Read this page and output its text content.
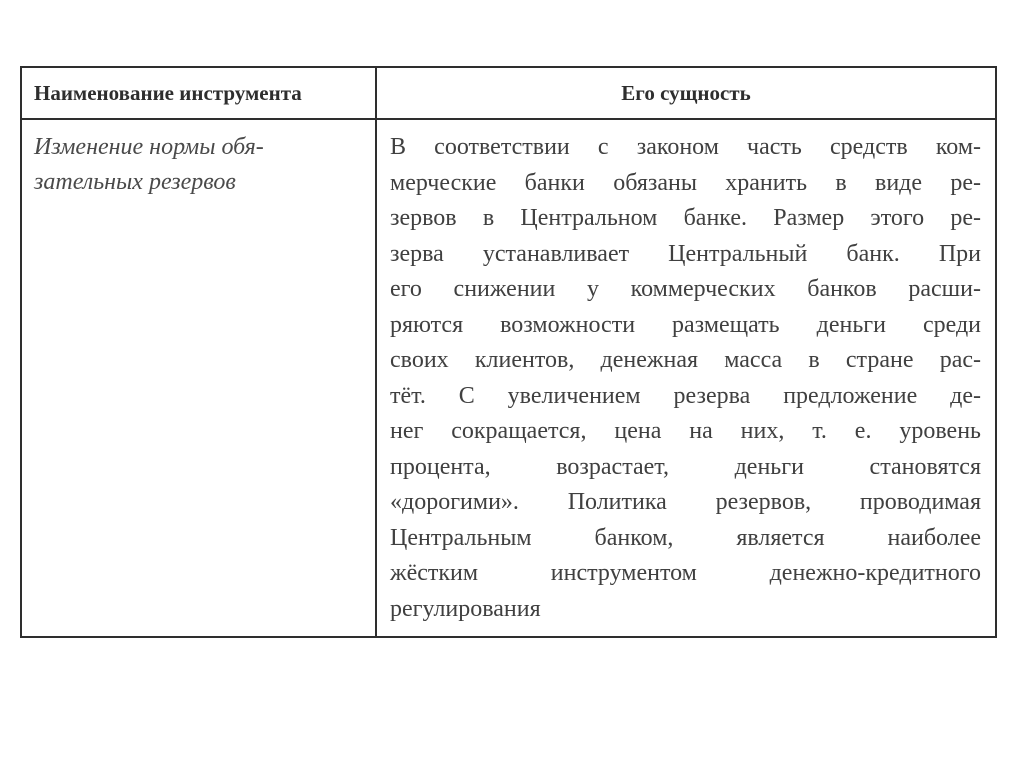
Наименование инструмента	Его сущность
Изменение нормы обя-
зательных резервов
В соответствии с законом часть средств ком-
мерческие банки обязаны хранить в виде ре-
зервов в Центральном банке. Размер этого ре-
зерва устанавливает Центральный банк. При
его снижении у коммерческих банков расши-
ряются возможности размещать деньги среди
своих клиентов, денежная масса в стране рас-
тёт. С увеличением резерва предложение де-
нег сокращается, цена на них, т. е. уровень
процента, возрастает, деньги становятся
«дорогими». Политика резервов, проводимая
Центральным банком, является наиболее
жёстким инструментом денежно-кредитного
регулирования
